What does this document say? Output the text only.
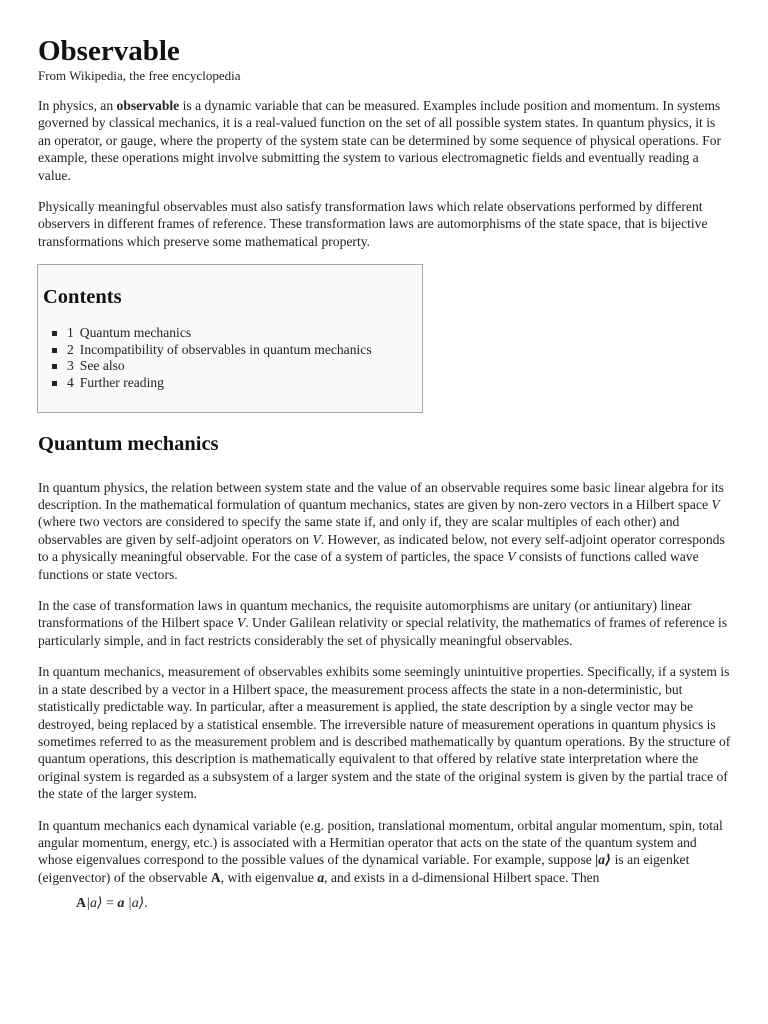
Observable
From Wikipedia, the free encyclopedia

In physics, an observable is a dynamic variable that can be measured. Examples include position and momentum. In systems governed by classical mechanics, it is a real-valued function on the set of all possible system states. In quantum physics, it is an operator, or gauge, where the property of the system state can be determined by some sequence of physical operations. For example, these operations might involve submitting the system to various electromagnetic fields and eventually reading a value.

Physically meaningful observables must also satisfy transformation laws which relate observations performed by different observers in different frames of reference. These transformation laws are automorphisms of the state space, that is bijective transformations which preserve some mathematical property.

Contents
1 Quantum mechanics
2 Incompatibility of observables in quantum mechanics
3 See also
4 Further reading
Quantum mechanics

In quantum physics, the relation between system state and the value of an observable requires some basic linear algebra for its description. In the mathematical formulation of quantum mechanics, states are given by non-zero vectors in a Hilbert space V (where two vectors are considered to specify the same state if, and only if, they are scalar multiples of each other) and observables are given by self-adjoint operators on V. However, as indicated below, not every self-adjoint operator corresponds to a physically meaningful observable. For the case of a system of particles, the space V consists of functions called wave functions or state vectors.

In the case of transformation laws in quantum mechanics, the requisite automorphisms are unitary (or antiunitary) linear transformations of the Hilbert space V. Under Galilean relativity or special relativity, the mathematics of frames of reference is particularly simple, and in fact restricts considerably the set of physically meaningful observables.

In quantum mechanics, measurement of observables exhibits some seemingly unintuitive properties. Specifically, if a system is in a state described by a vector in a Hilbert space, the measurement process affects the state in a non-deterministic, but statistically predictable way. In particular, after a measurement is applied, the state description by a single vector may be destroyed, being replaced by a statistical ensemble. The irreversible nature of measurement operations in quantum physics is sometimes referred to as the measurement problem and is described mathematically by quantum operations. By the structure of quantum operations, this description is mathematically equivalent to that offered by relative state interpretation where the original system is regarded as a subsystem of a larger system and the state of the original system is given by the partial trace of the state of the larger system.

In quantum mechanics each dynamical variable (e.g. position, translational momentum, orbital angular momentum, spin, total angular momentum, energy, etc.) is associated with a Hermitian operator that acts on the state of the quantum system and whose eigenvalues correspond to the possible values of the dynamical variable. For example, suppose |a⟩ is an eigenket (eigenvector) of the observable A, with eigenvalue a, and exists in a d-dimensional Hilbert space. Then

A|a⟩ = a |a⟩.
